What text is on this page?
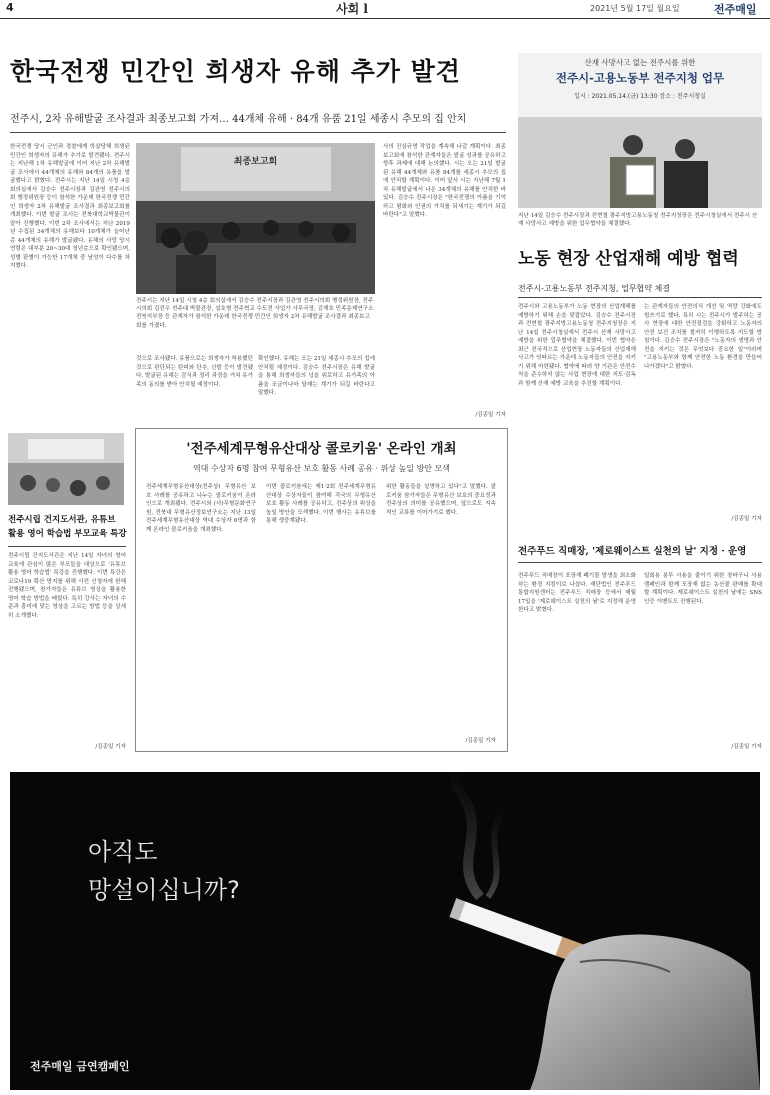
4	사회 l	2021년 5월 17일 월요일	전주매일
한국전쟁 민간인 희생자 유해 추가 발견
전주시, 2차 유해발굴 조사결과 최종보고회 가져… 44개체 유해 · 84개 유품 21일 세종시 추모의 집 안치
한국전쟁 당시 군인과 경찰에게 학살당해 희생된 민간인 희생자의 유해가 추가로 발견됐다. 전주시는 지난해 1차 유해발굴에 이어 지난 2차 유해발굴 조사에서 44개체의 유해와 84개의 유품을 발굴했다고 밝혔다. 전주시는 지난 14일 시청 4층 회의실에서 김승수 전주시장과 김관영 전주시의회 행정위원장 등이 참석한 가운데 한국전쟁 민간인 희생자 2차 유해발굴 조사결과 최종보고회를 개최했다. 이번 발굴 조사는 전북대학교박물관이 맡아 진행했다. 이번 2차 조사에서는 지난 2019년 수집된 34개체의 유해보다 10개체가 늘어난 총 44개체의 유해가 발굴됐다. 유해의 사망 당시 연령은 대부분 20~30대 청년층으로 확인됐으며, 성별 판별이 가능한 17개체 중 남성이 다수를 차지했다.
최종보고회
전주시는 지난 14일 시청 4층 회의실에서 김승수 전주시장과 김관영 전주시의회 행정위원장, 전주시의회 김진우 전주대 박물관장, 설호형 전주혁교 수도전 사업가 사무국장, 김재호 민족문제연구소 전북지부장 등 관계자가 참석한 가운데 한국전쟁 민간인 희생자 2차 유해발굴 조사결과 최종보고회를 가졌다.
것으로 조사됐다. 유품으로는 희생자가 착용했던 것으로 판단되는 탄피와 단추, 신발 등이 발견됐다. 발굴된 유해는 감식과 정리 과정을 거쳐 유가족의 동의를 받아 안치될 예정이다.
확인했다. 유해는 오는 21일 세종시 추모의 집에 안치될 예정이다. 김승수 전주시장은 유해 발굴을 통해 희생자들의 넋을 위로하고 유가족의 아픔을 조금이나마 달래는 계기가 되길 바란다고 말했다.
사의 진실규명 작업을 계속해 나갈 계획이다. 최종보고회에 참석한 관계자들은 발굴 성과를 공유하고 향후 과제에 대해 논의했다. 시는 오는 21일 발굴된 유해 44개체와 유품 84개를 세종시 추모의 집에 안치할 계획이다. 이어 앞서 시는 지난해 7월 1차 유해발굴에서 나온 34개체의 유해를 안치한 바 있다. 김승수 전주시장은 "한국전쟁의 아픔을 기억하고 평화와 인권의 가치를 되새기는 계기가 되길 바란다"고 말했다.
/김종일 기자
산재 사망사고 없는 전주시를 위한
전주시-고용노동부 전주지청 업무
일시 : 2021.05.14.(금) 13:30 장소 : 전주시청실
지난 14일 김승수 전주시장과 전현철 광주지방고용노동청 전주지청장은 전주시청실에서 전주시 산재 사망사고 예방을 위한 업무협약을 체결했다.
노동 현장 산업재해 예방 협력
전주시-고용노동부 전주지청, 업무협약 체결
전주시와 고용노동부가 노동 현장의 산업재해를 예방하기 위해 손을 맞잡았다. 김승수 전주시장과 전현철 광주지방고용노동청 전주지청장은 지난 14일 전주시청실에서 전주시 산재 사망사고 예방을 위한 업무협약을 체결했다. 이번 협약은 최근 전국적으로 산업현장 노동자들의 산업재해 사고가 잇따르는 가운데 노동자들의 안전을 지키기 위해 마련됐다. 협약에 따라 양 기관은 안전수칙을 준수하지 않는 사업 현장에 대한 지도·감독과 함께 산재 예방 교육을 추진할 계획이다.
는 관계자들의 안전의식 개선 및 역량 강화에도 힘쓰기로 했다. 특히 시는 전주시가 발주하는 공사 현장에 대한 안전점검을 강화하고 노동자의 안전 보건 조치를 철저히 이행하도록 지도할 방침이다. 김승수 전주시장은 "노동자의 생명과 안전을 지키는 것은 무엇보다 중요한 일"이라며 "고용노동부와 함께 안전한 노동 환경을 만들어 나가겠다"고 밝혔다.
/김종일 기자
전주시립 건지도서관, 유튜브
활용 영어 학습법 부모교육 특강
전주시립 건지도서관은 지난 14일 자녀의 영어 교육에 관심이 많은 부모들을 대상으로 '유튜브 활용 영어 학습법' 특강을 진행했다. 이번 특강은 코로나19 확산 방지를 위해 사전 신청자에 한해 진행됐으며, 참가자들은 유튜브 영상을 활용한 영어 학습 방법을 배웠다. 특히 강사는 자녀의 수준과 흥미에 맞는 영상을 고르는 방법 등을 상세히 소개했다.
/김종일 기자
'전주세계무형유산대상 콜로키움' 온라인 개최
역대 수상자 6명 참여 무형유산 보호 활동 사례 공유 · 위상 높일 방안 모색
전주세계무형유산대상(전주상) 무형유산 보호 사례를 공유하고 나누는 콜로키움이 온라인으로 개최됐다. 전주시와 (사)무형문화연구원, 전북대 무형유산정보연구소는 지난 13일 전주세계무형유산대상 역대 수상자 6명과 함께 온라인 콜로키움을 개최했다.
이번 콜로키움에는 제1·2회 전주세계무형유산대상 수상자들이 참여해 각국의 무형유산 보호 활동 사례를 공유하고, 전주상의 위상을 높일 방안을 모색했다. 이번 행사는 유튜브를 통해 생중계됐다.
위한 활동들을 설명하고 있다"고 말했다. 콜로키움 참가자들은 무형유산 보호의 중요성과 전주상의 의미를 공유했으며, 앞으로도 지속적인 교류를 이어가기로 했다.
/김종일 기자
전주푸드 직매장, '제로웨이스트 실천의 날' 지정 · 운영
전주푸드 직매장이 포장재 폐기물 발생을 최소화하는 환경 지킴이로 나섰다. 재단법인 전주푸드통합지원센터는 전주푸드 직매장 등에서 매월 17일을 '제로웨이스트 실천의 날'로 지정해 운영한다고 밝혔다.
일회용 봉투 사용을 줄이기 위한 장바구니 사용 캠페인과 함께 포장재 없는 농산물 판매를 확대할 계획이다. 제로웨이스트 실천의 날에는 SNS 인증 이벤트도 진행된다.
/김종일 기자
아직도
망설이십니까?
전주매일 금연캠페인
